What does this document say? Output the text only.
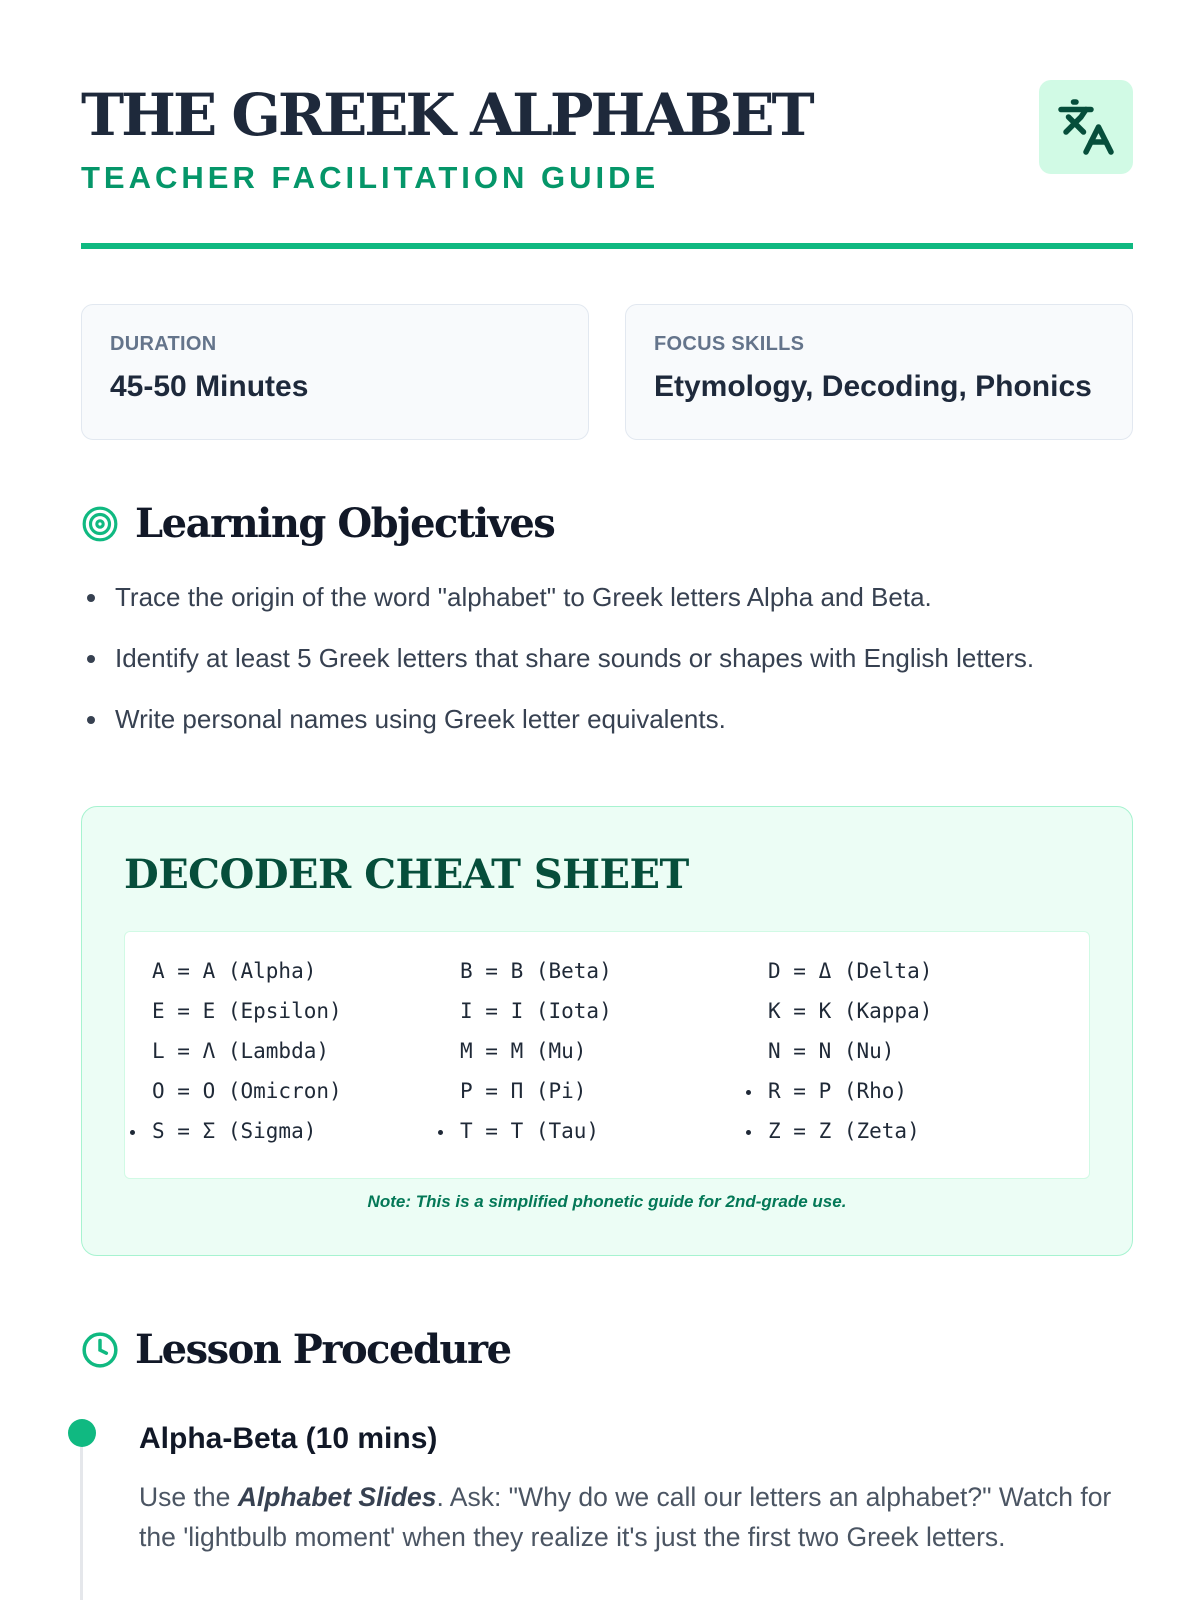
THE GREEK ALPHABET
TEACHER FACILITATION GUIDE
DURATION
45-50 Minutes
FOCUS SKILLS
Etymology, Decoding, Phonics
Learning Objectives
Trace the origin of the word "alphabet" to Greek letters Alpha and Beta.
Identify at least 5 Greek letters that share sounds or shapes with English letters.
Write personal names using Greek letter equivalents.
DECODER CHEAT SHEET
A = A (Alpha)	B = B (Beta)	D = Δ (Delta)
E = E (Epsilon)	I = I (Iota)	K = K (Kappa)
L = Λ (Lambda)	M = M (Mu)	N = N (Nu)
O = O (Omicron)	P = Π (Pi)	R = P (Rho)
S = Σ (Sigma)	T = T (Tau)	Z = Z (Zeta)
Note: This is a simplified phonetic guide for 2nd-grade use.
Lesson Procedure
Alpha-Beta (10 mins)

Use the Alphabet Slides. Ask: "Why do we call our letters an alphabet?" Watch for the 'lightbulb moment' when they realize it's just the first two Greek letters.
